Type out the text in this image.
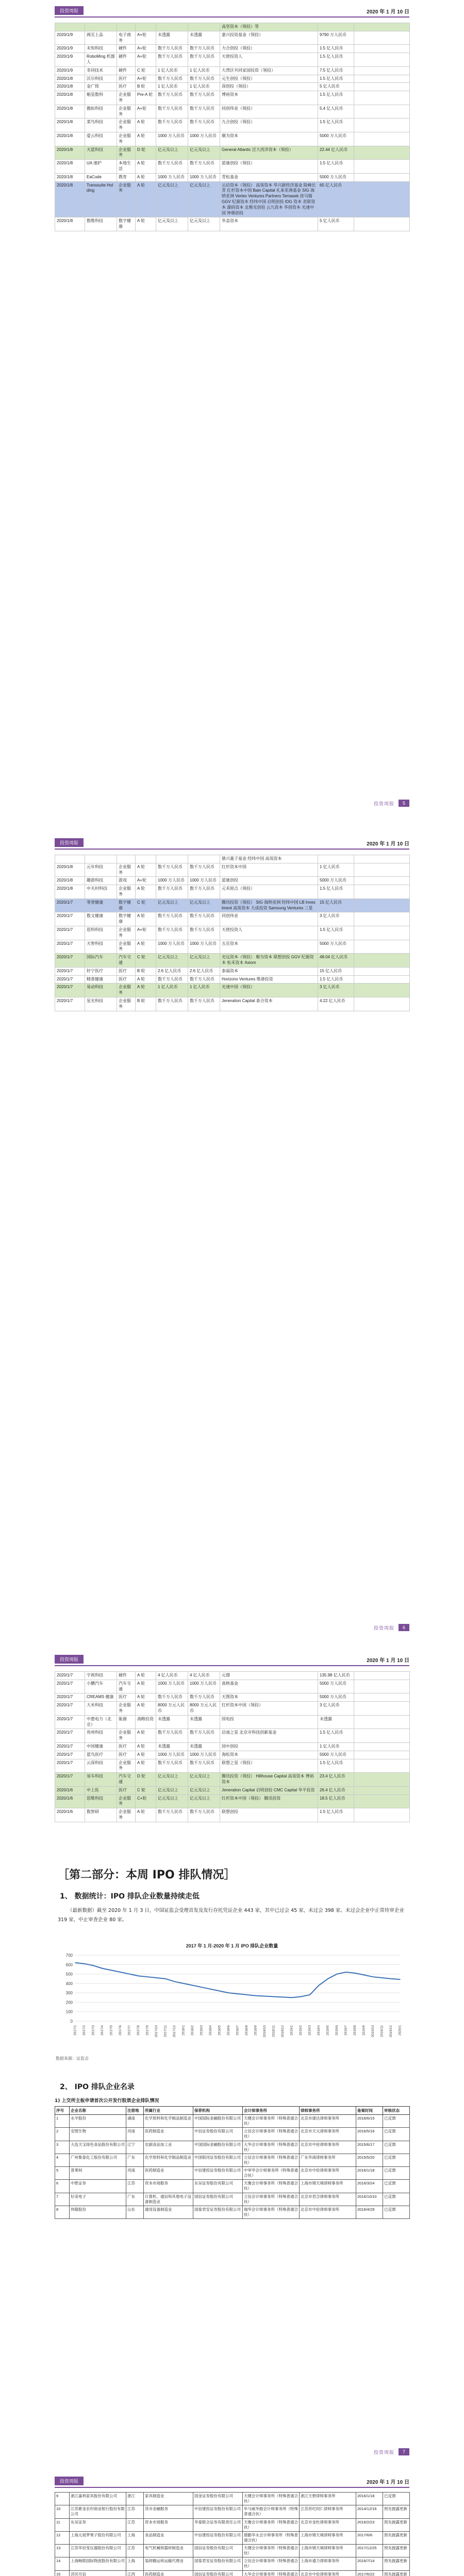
投资周报	2020 年 1 月 10 日
						高坚资本（领投）等		
2020/1/9	阁至上品	电子商务	A+轮	未透露	未透露	嘉兴投资基金（领投）	9790 万人民币	
2020/1/9	未知科技	硬件	A+轮	数千万人民币	数千万人民币	力合创投（领投）	1.5 亿人民币	
2020/1/9	RoboMing 机器人	硬件	A+轮	数千万人民币	数千万人民币	天使投资人	1.5 亿人民币	
2020/1/9	非同技术	硬件	C 轮	1 亿人民币	1 亿人民币	大湾区共同家园投资（领投）	7.5 亿人民币	
2020/1/8	沃尔科技	医疗	A+轮	数千万人民币	数千万人民币	元生创投（领投）	1.5 亿人民币	
2020/1/8	金广铭	医疗	B 轮	1 亿人民币	1 亿人民币	深创投（领投）	5 亿人民币	
2020/1/8	魁星数科	企业服务	Pre-A 轮	数千万人民币	数千万人民币	博裕资本	1.5 亿人民币	
2020/1/8	傲拓科技	企业服务	A+轮	数千万人民币	数千万人民币	同创伟业（领投）	5.4 亿人民币	
2020/1/8	菜鸟科技	企业服务	A 轮	数千万人民币	数千万人民币	九合创投（领投）	1.5 亿人民币	
2020/1/8	爱云科技	企业服务	A 轮	1000 万人民币	1000 万人民币	顺为资本	5000 万人民币	
2020/1/8	天蓝科技	企业服务	D 轮	亿元及以上	亿元及以上	General Atlantic 泛大西洋资本（领投）	22.44 亿人民币	
2020/1/8	UA 速护	本地生活	A 轮	数千万人民币	数千万人民币	蓝驰创投（领投）	1.5 亿人民币	
2020/1/8	EaCode	教育	A 轮	1000 万人民币	1000 万人民币	青松基金	5000 万人民币	
2020/1/8	Transsuite Holding	企业服务	A 轮	亿元及以上	亿元及以上	云启资本（领投） 高瓴资本 华兴新经济基金 险峰长青 红杉资本中国 Bain Capital 礼来亚洲基金 SIG 海纳亚洲 Vertex Ventures Partners Temasek 淡马锡 GGV 纪源资本 经纬中国 启明创投 IDG 资本 君联资本 源码资本 北极光创投 云九资本 华创资本 光速中国 钟鼎创投	65 亿人民币	
2020/1/8	数维科技	数字健康	A 轮	亿元及以上	亿元及以上	华盖资本	5 亿人民币	
投资周报	5
投资周报	2020 年 1 月 10 日
						鼎兴量子基金 经纬中国 高瓴资本		
2020/1/8	元年科技	企业服务	A 轮	数千万人民币	数千万人民币	红杉资本中国	1 亿人民币	
2020/1/8	趣游科技	游戏	A+轮	1000 万人民币	1000 万人民币	蓝驰创投	5000 万人民币	
2020/1/8	中关村科技	企业服务	A 轮	数千万人民币	数千万人民币	元禾原点（领投）	1.5 亿人民币	
2020/1/7	零壹健康	数字健康	C 轮	亿元及以上	亿元及以上	腾讯投资（领投） SIG 海纳亚洲 经纬中国 LB Investment 高瓴资本 大成投资 Samsung Ventures 三星	15 亿人民币	
2020/1/7	数文健康	数字健康	A 轮	数千万人民币	数千万人民币	同创伟业	3 亿人民币	
2020/1/7	思科科技	企业服务	A+轮	数千万人民币	数千万人民币	天使投资人	1.5 亿人民币	
2020/1/7	天智科技	企业服务	A 轮	1000 万人民币	1000 万人民币	五岳资本	5000 万人民币	
2020/1/7	国际汽车	汽车交通	C 轮	亿元及以上	亿元及以上	光远资本（领投） 顺为资本 联想创投 GGV 纪源资本 松禾资本 Axiom	48.04 亿人民币	
2020/1/7	轩宁医疗	医疗	B 轮	2.6 亿人民币	2.6 亿人民币	泰福资本	15 亿人民币	
2020/1/7	精准健康	医疗	A 轮	数千万人民币	数千万人民币	Horizons Ventures 维港投资	1.5 亿人民币	
2020/1/7	易动科技	企业服务	A 轮	1 亿人民币	1 亿人民币	光速中国（领投）	3 亿人民币	
2020/1/7	星光科技	企业服务	B 轮	数千万人民币	数千万人民币	Jeneration Capital 泰合资本	4.22 亿人民币	
投资周报	6
投资周报	2020 年 1 月 10 日
2020/1/7	宇视科技	硬件	A 轮	4 亿人民币	4 亿人民币	元璟	135.98 亿人民币	
2020/1/7	小鹏汽车	汽车交通	A 轮	1000 万人民币	1000 万人民币	真格基金	5000 万人民币	
2020/1/7	CREAMS 健康	医疗	A 轮	数千万人民币	数千万人民币	天图资本	5000 万人民币	
2020/1/7	大米科技	企业服务	A 轮	8000 万元人民币	8000 万元人民币	红杉资本中国（领投）	3 亿人民币	
2020/1/7	中惠电力（北京）	能源	战略投资	未透露	未透露	国电投	未透露	
2020/1/7	贵州科技	企业服务	A 轮	数千万人民币	数千万人民币	启迪之星 北京市科技创新基金	1.5 亿人民币	
2020/1/7	中国健康	医疗	A 轮	未透露	未透露	国中创投	1 亿人民币	
2020/1/7	蓝鸟医疗	医疗	A 轮	1000 万人民币	1000 万人民币	海松资本	5000 万人民币	
2020/1/7	云深科技	企业服务	A 轮	数千万人民币	数千万人民币	联想之星（领投）	1.5 亿人民币	
2020/1/7	易车科技	汽车交通	D 轮	亿元及以上	亿元及以上	腾讯投资（领投） Hillhouse Capital 高瓴资本 博裕资本	23.4 亿人民币	
2020/1/6	中上医	医疗	C 轮	亿元及以上	亿元及以上	Jeneration Capital 启明创投 CMC Capital 华平投资	26.4 亿人民币	
2020/1/6	思维科技	企业服务	C+轮	亿元及以上	亿元及以上	红杉资本中国（领投） 腾讯投资	18.5 亿人民币	
2020/1/6	数智研	企业服务	A 轮	数千万人民币	数千万人民币	联想创投	1.5 亿人民币	
［第二部分：本周 IPO 排队情况］
1、 数据统计：IPO 排队企业数量持续走低
（最新数据）截至 2020 年 1 月 3 日，中国证监会受理首发及发行存托凭证企业 443 家，其中已过会 45 家，未过会 398 家。未过会企业中正常待审企业 319 家，中止审查企业 80 家。
2017 年 1 月-2020 年 1 月 IPO 排队企业数量
0
100
200
300
400
500
600
700
2017/1 2017/2 2017/3 2017/4 2017/5 2017/6 2017/7 2017/8 2017/9 2017/10 2017/11 2017/12 2018/1 2018/2 2018/3 2018/4 2018/5 2018/6 2018/7 2018/8 2018/9 2018/10 2018/11 2018/12 2019/1 2019/2 2019/3 2019/4 2019/5 2019/6 2019/7 2019/8 2019/9 2019/10 2019/11 2019/12 2020/1
数据来源：证监会
2、 IPO 排队企业名录
1) 上交所主板申请首次公开发行股票企业排队情况
序号	企业名称	注册地	所属行业	保荐机构	会计师事务所	律师事务所	备案时间	审核状态
1	水羊股份	湖南	化学原料和化学制品制造业	中国国际金融股份有限公司	天健会计师事务所（特殊普通合伙）	北京市康达律师事务所	2016/6/15	已反馈
2	安图生物	河南	医药制造业	中信证券股份有限公司	立信会计师事务所（特殊普通合伙）	北京市天元律师事务所	2016/5/16	已反馈
3	大连天宝绿色食品股份有限公司	辽宁	农副食品加工业	中国国际金融股份有限公司	大华会计师事务所（特殊普通合伙）	北京市中伦律师事务所	2015/6/17	已反馈
4	广州集泰化工股份有限公司	广东	化学原料和化学制品制造业	中国银河证券股份有限公司	立信会计师事务所（特殊普通合伙）	广东华商律师事务所	2015/5/20	已反馈
5	普莱柯	河南	医药制造业	中信建投证券股份有限公司	中审华会计师事务所（特殊普通合伙）	北京市中伦律师事务所	2016/1/18	已反馈
6	中胜证券	江苏	资本市场服务	东吴证券股份有限公司	天衡会计师事务所（特殊普通合伙）	上海市锦天城律师事务所	2016/3/24	已反馈
7	好美电子	广东	计算机、通信和其他电子设备制造业	国信证券股份有限公司	立信会计师事务所（特殊普通合伙）	北京市君合律师事务所	2016/10/10	已反馈
8	伟隆股份	山东	通用设备制造业	国泰君安证券股份有限公司	瑞华会计师事务所（特殊普通合伙）	北京市中伦律师事务所	2016/4/29	已反馈
投资周报	7
投资周报	2020 年 1 月 10 日
9	浙江嘉利家具股份有限公司	浙江	家具制造业	国金证券股份有限公司	天健会计师事务所（特殊普通合伙）	浙江天册律师事务所	2016/1/18	已反馈
10	江苏紫金农村商业银行股份有限公司	江苏	货币金融服务	中信建投证券股份有限公司	毕马威华振会计师事务所（特殊普通合伙）	江苏世纪同仁律师事务所	2014/12/16	预先披露更新
11	东吴证券	江苏	资本市场服务	华泰联合证券有限责任公司	天衡会计师事务所（特殊普通合伙）	北京市金杜律师事务所	2016/2/23	预先披露更新
12	上海元祖梦果子股份有限公司	上海	食品制造业	中信建投证券股份有限公司	德勤华永会计师事务所（特殊普通合伙）	上海市锦天城律师事务所	2017/6/6	预先披露更新
13	江苏华辰变压器股份有限公司	江苏	电气机械和器材制造业	国信证券股份有限公司	天健会计师事务所（特殊普通合伙）	上海市锦天城律师事务所	2017/12/25	预先披露更新
14	上海畅联国际物流股份有限公司	上海	装卸搬运和运输代理业	国泰君安证券股份有限公司	立信会计师事务所（特殊普通合伙）	上海市通力律师事务所	2016/7/14	预先披露更新
15	济民可信	江西	医药制造业	国信证券股份有限公司	大华会计师事务所（特殊普通合	北京市中伦律师事务所	2017/6/22	预先披露更新
